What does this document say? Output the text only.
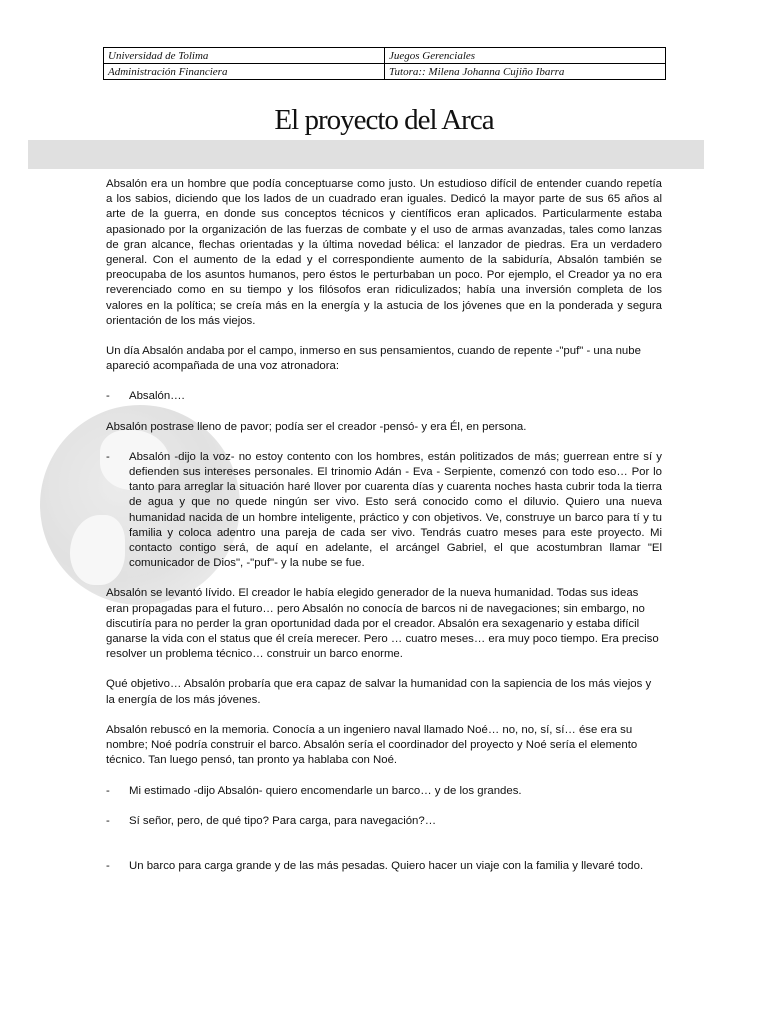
Universidad de Tolima	Juegos Gerenciales
Administración Financiera	Tutora:: Milena Johanna Cujiño Ibarra
El proyecto del Arca

Absalón era un hombre que podía conceptuarse como justo. Un estudioso difícil de entender cuando repetía a los sabios, diciendo que los lados de un cuadrado eran iguales. Dedicó la mayor parte de sus 65 años al arte de la guerra, en donde sus conceptos técnicos y científicos eran aplicados. Particularmente estaba apasionado por la organización de las fuerzas de combate y el uso de armas avanzadas, tales como lanzas de gran alcance, flechas orientadas y la última novedad bélica: el lanzador de piedras. Era un verdadero general. Con el aumento de la edad y el correspondiente aumento de la sabiduría, Absalón también se preocupaba de los asuntos humanos, pero éstos le perturbaban un poco. Por ejemplo, el Creador ya no era reverenciado como en su tiempo y los filósofos eran ridiculizados; había una inversión completa de los valores en la política; se creía más en la energía y la astucia de los jóvenes que en la ponderada y segura orientación de los más viejos.

Un día Absalón andaba por el campo, inmerso en sus pensamientos, cuando de repente -"puf" - una nube apareció acompañada de una voz atronadora:

- Absalón….

Absalón postrase lleno de pavor; podía ser el creador -pensó- y era Él, en persona.

- Absalón -dijo la voz- no estoy contento con los hombres, están politizados de más; guerrean entre sí y defienden sus intereses personales. El trinomio Adán - Eva - Serpiente, comenzó con todo eso… Por lo tanto para arreglar la situación haré llover por cuarenta días y cuarenta noches hasta cubrir toda la tierra de agua y que no quede ningún ser vivo. Esto será conocido como el diluvio. Quiero una nueva humanidad nacida de un hombre inteligente, práctico y con objetivos. Ve, construye un barco para tí y tu familia y coloca adentro una pareja de cada ser vivo. Tendrás cuatro meses para este proyecto. Mi contacto contigo será, de aquí en adelante, el arcángel Gabriel, el que acostumbran llamar "El comunicador de Dios", -"puf"- y la nube se fue.

Absalón se levantó lívido. El creador le había elegido generador de la nueva humanidad. Todas sus ideas eran propagadas para el futuro… pero Absalón no conocía de barcos ni de navegaciones; sin embargo, no discutiría para no perder la gran oportunidad dada por el creador. Absalón era sexagenario y estaba difícil ganarse la vida con el status que él creía merecer. Pero … cuatro meses… era muy poco tiempo. Era preciso resolver un problema técnico… construir un barco enorme.

Qué objetivo… Absalón probaría que era capaz de salvar la humanidad con la sapiencia de los más viejos y la energía de los más jóvenes.

Absalón rebuscó en la memoria. Conocía a un ingeniero naval llamado Noé… no, no, sí, sí… ése era su nombre; Noé podría construir el barco. Absalón sería el coordinador del proyecto y Noé sería el elemento técnico. Tan luego pensó, tan pronto ya hablaba con Noé.

- Mi estimado -dijo Absalón- quiero encomendarle un barco… y de los grandes.
- Sí señor, pero, de qué tipo? Para carga, para navegación?…
- Un barco para carga grande y de las más pesadas. Quiero hacer un viaje con la familia y llevaré todo.
